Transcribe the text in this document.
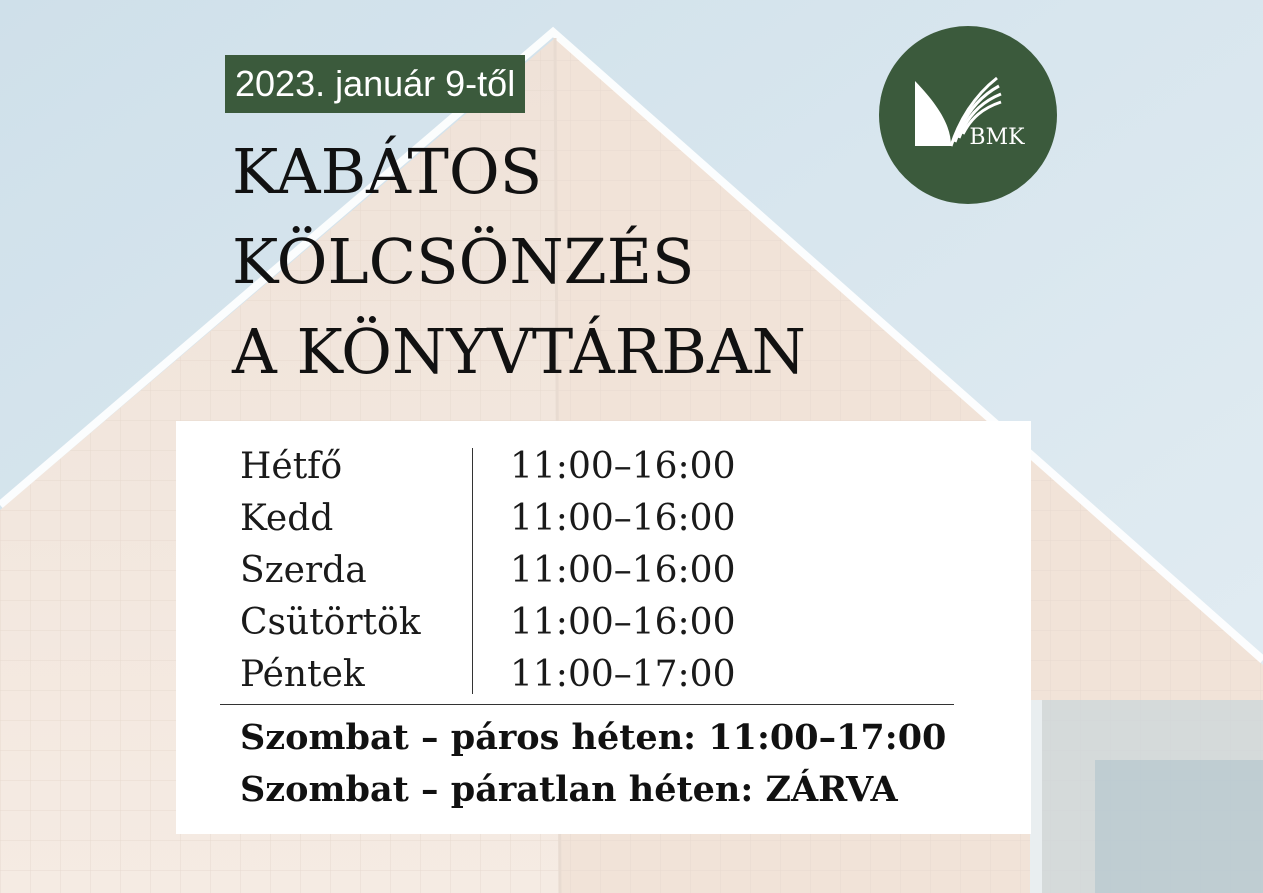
2023. január 9-től
KABÁTOS
KÖLCSÖNZÉS
A KÖNYVTÁRBAN
BMK
Hétfő	11:00–16:00
Kedd	11:00–16:00
Szerda	11:00–16:00
Csütörtök 11:00–16:00
Péntek	11:00–17:00
Szombat – páros héten: 11:00–17:00
Szombat – páratlan héten: ZÁRVA
